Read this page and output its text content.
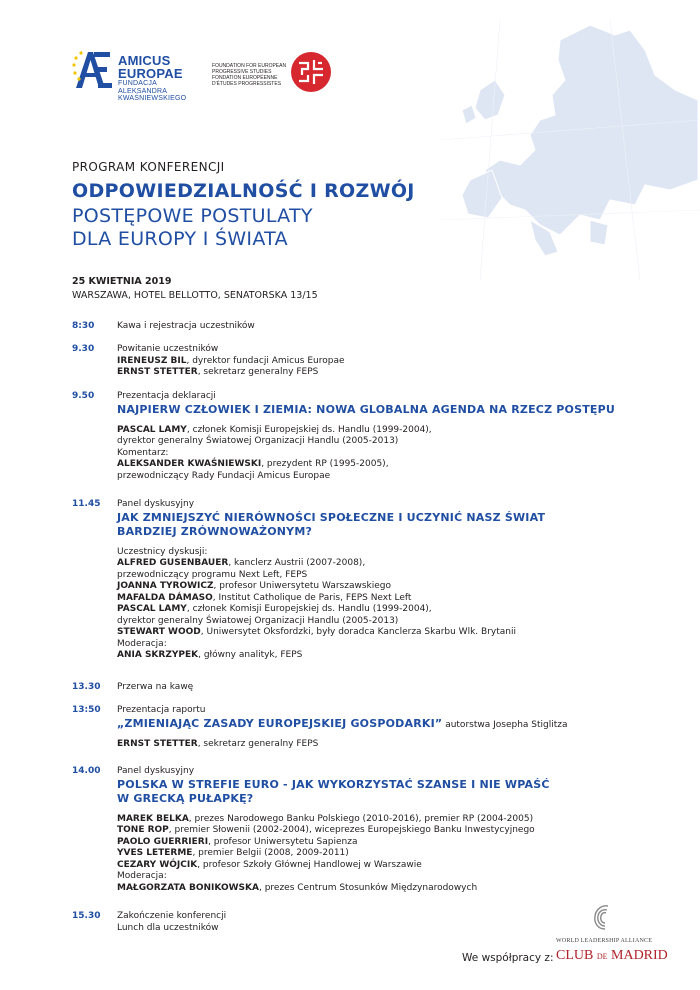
AMICUS
EUROPAE
FUNDACJA
ALEKSANDRA
KWAŚNIEWSKIEGO
FOUNDATION FOR EUROPEAN
PROGRESSIVE STUDIES
FONDATION EUROPÉENNE
D'ÉTUDES PROGRESSISTES
PROGRAM KONFERENCJI
ODPOWIEDZIALNOŚĆ I ROZWÓJ
POSTĘPOWE POSTULATY
DLA EUROPY I ŚWIATA
25 KWIETNIA 2019
WARSZAWA, HOTEL BELLOTTO, SENATORSKA 13/15
8:30	Kawa i rejestracja uczestników
9.30	Powitanie uczestników
IRENEUSZ BIL, dyrektor fundacji Amicus Europae
ERNST STETTER, sekretarz generalny FEPS
9.50	Prezentacja deklaracji
NAJPIERW CZŁOWIEK I ZIEMIA: NOWA GLOBALNA AGENDA NA RZECZ POSTĘPU
PASCAL LAMY, członek Komisji Europejskiej ds. Handlu (1999-2004),
dyrektor generalny Światowej Organizacji Handlu (2005-2013)
Komentarz:
ALEKSANDER KWAŚNIEWSKI, prezydent RP (1995-2005),
przewodniczący Rady Fundacji Amicus Europae
11.45	Panel dyskusyjny
JAK ZMNIEJSZYĆ NIERÓWNOŚCI SPOŁECZNE I UCZYNIĆ NASZ ŚWIAT
BARDZIEJ ZRÓWNOWAŻONYM?
Uczestnicy dyskusji:
ALFRED GUSENBAUER, kanclerz Austrii (2007-2008),
przewodniczący programu Next Left, FEPS
JOANNA TYROWICZ, profesor Uniwersytetu Warszawskiego
MAFALDA DÁMASO, Institut Catholique de Paris, FEPS Next Left
PASCAL LAMY, członek Komisji Europejskiej ds. Handlu (1999-2004),
dyrektor generalny Światowej Organizacji Handlu (2005-2013)
STEWART WOOD, Uniwersytet Oksfordzki, były doradca Kanclerza Skarbu Wlk. Brytanii
Moderacja:
ANIA SKRZYPEK, główny analityk, FEPS
13.30	Przerwa na kawę
13:50	Prezentacja raportu
„ZMIENIAJĄC ZASADY EUROPEJSKIEJ GOSPODARKI” autorstwa Josepha Stiglitza
ERNST STETTER, sekretarz generalny FEPS
14.00	Panel dyskusyjny
POLSKA W STREFIE EURO - JAK WYKORZYSTAĆ SZANSE I NIE WPAŚĆ
W GRECKĄ PUŁAPKĘ?
MAREK BELKA, prezes Narodowego Banku Polskiego (2010-2016), premier RP (2004-2005)
TONE ROP, premier Słowenii (2002-2004), wiceprezes Europejskiego Banku Inwestycyjnego
PAOLO GUERRIERI, profesor Uniwersytetu Sapienza
YVES LETERME, premier Belgii (2008, 2009-2011)
CEZARY WÓJCIK, profesor Szkoły Głównej Handlowej w Warszawie
Moderacja:
MAŁGORZATA BONIKOWSKA, prezes Centrum Stosunków Międzynarodowych
15.30	Zakończenie konferencji
Lunch dla uczestników
We współpracy z:
WORLD LEADERSHIP ALLIANCE
CLUB DE MADRID
